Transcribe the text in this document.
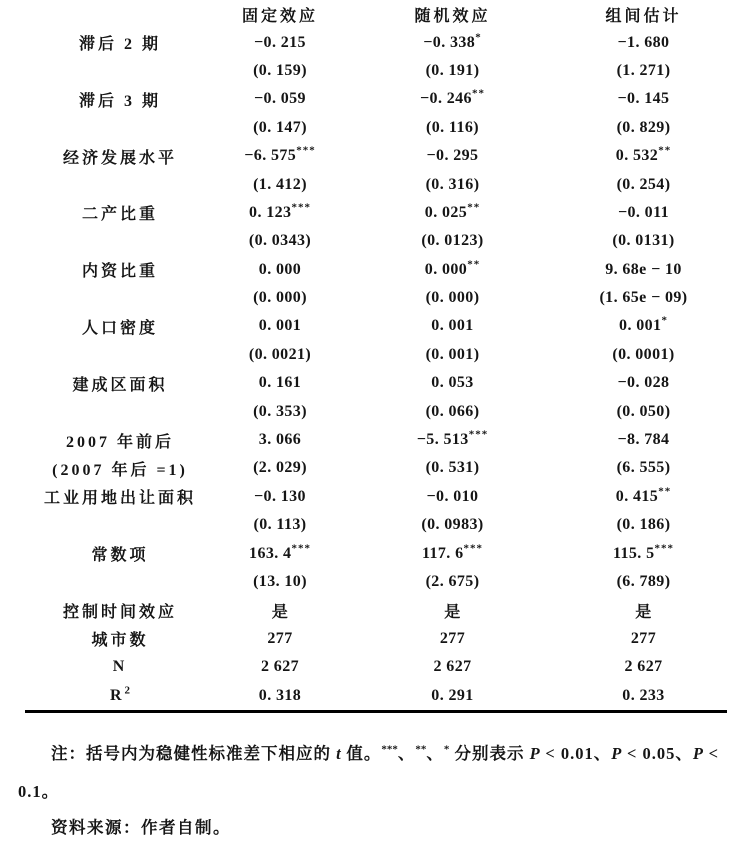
	固定效应	随机效应	组间估计
滞后 2 期	−0. 215	−0. 338*	−1. 680
	(0. 159)	(0. 191)	(1. 271)
滞后 3 期	−0. 059	−0. 246**	−0. 145
	(0. 147)	(0. 116)	(0. 829)
经济发展水平	−6. 575***	−0. 295	0. 532**
	(1. 412)	(0. 316)	(0. 254)
二产比重	0. 123***	0. 025**	−0. 011
	(0. 0343)	(0. 0123)	(0. 0131)
内资比重	0. 000	0. 000**	9. 68e − 10
	(0. 000)	(0. 000)	(1. 65e − 09)
人口密度	0. 001	0. 001	0. 001*
	(0. 0021)	(0. 001)	(0. 0001)
建成区面积	0. 161	0. 053	−0. 028
	(0. 353)	(0. 066)	(0. 050)
2007 年前后	3. 066	−5. 513***	−8. 784
(2007 年后 =1)	(2. 029)	(0. 531)	(6. 555)
工业用地出让面积	−0. 130	−0. 010	0. 415**
	(0. 113)	(0. 0983)	(0. 186)
常数项	163. 4***	117. 6***	115. 5***
	(13. 10)	(2. 675)	(6. 789)
控制时间效应	是	是	是
城市数	277	277	277
N	2 627	2 627	2 627
$R^2$	0. 318	0. 291	0. 233

注：括号内为稳健性标准差下相应的 t 值。***、**、* 分别表示 P < 0.01、P < 0.05、P < 0.1。

资料来源：作者自制。
